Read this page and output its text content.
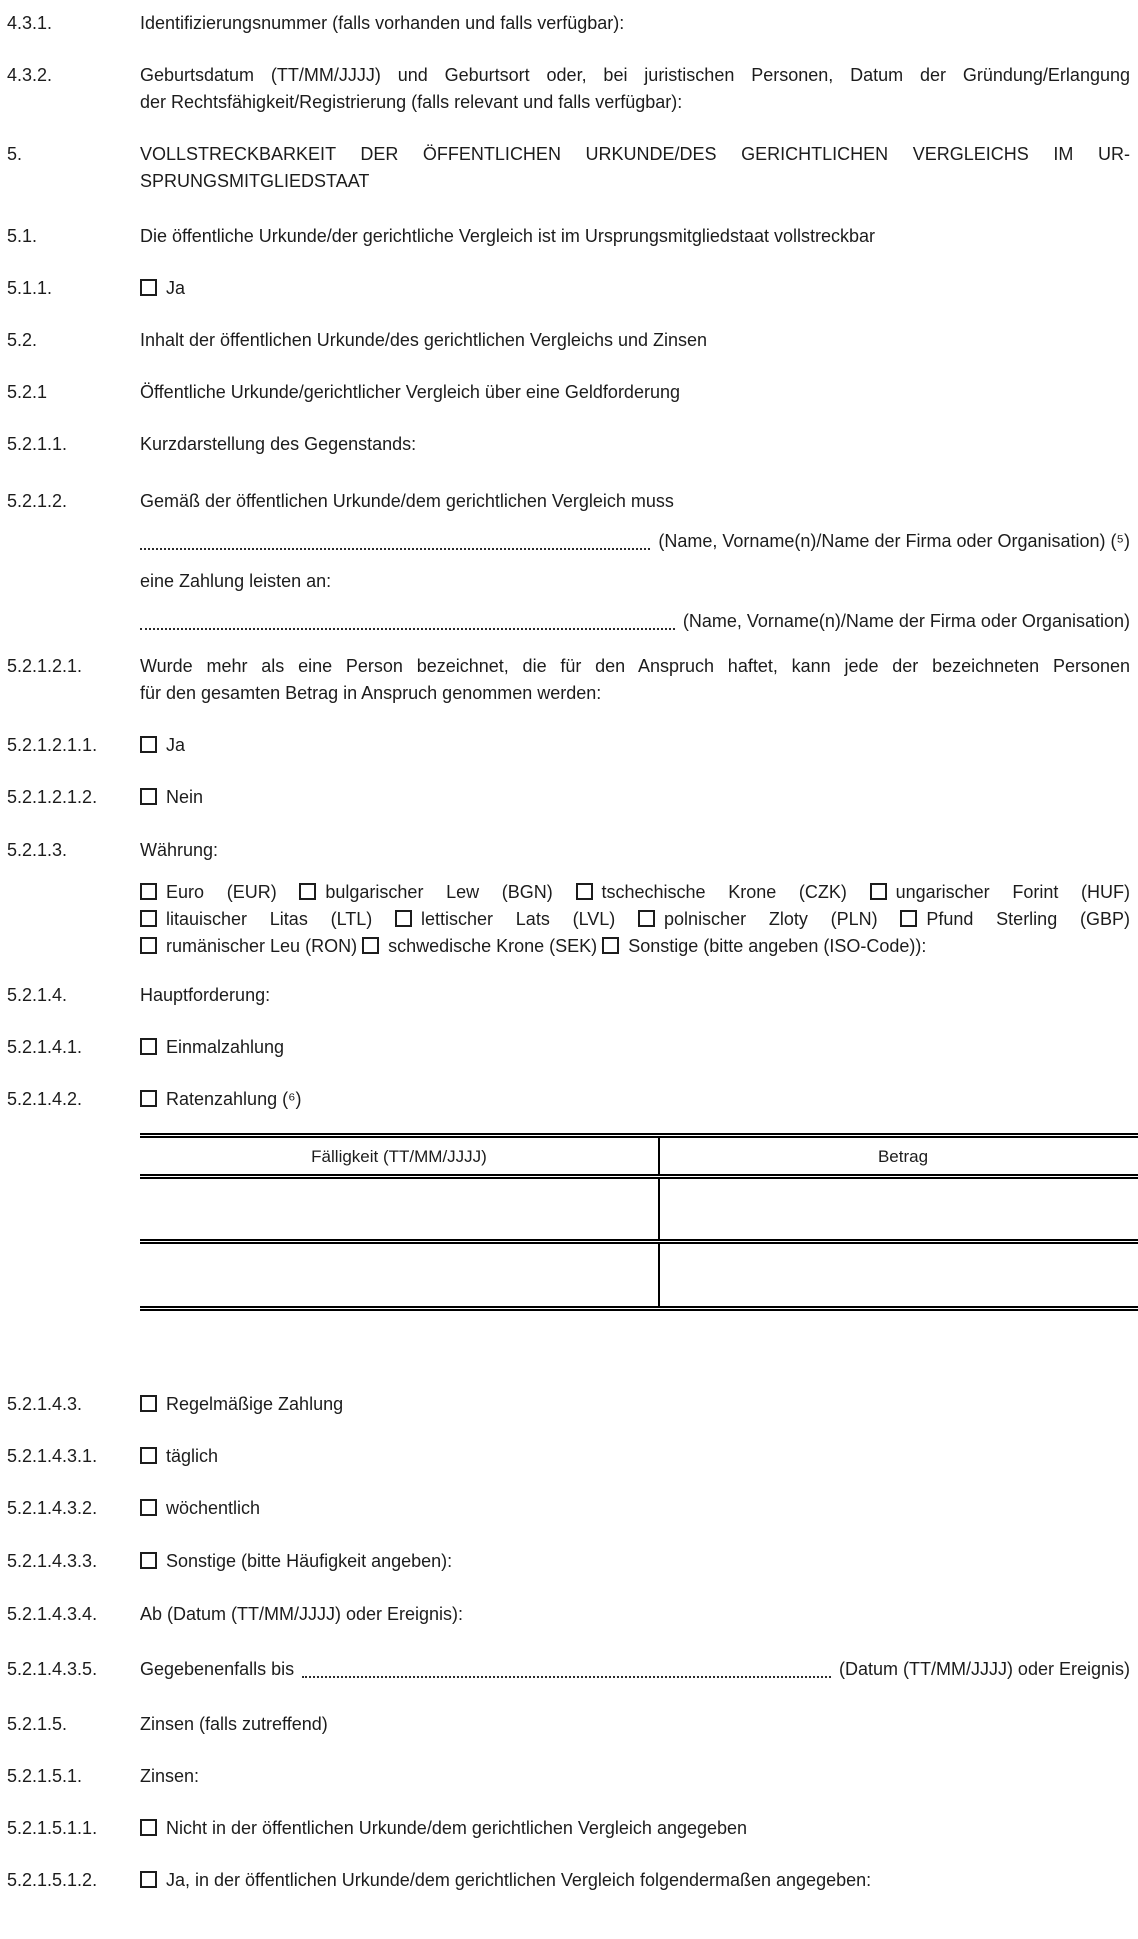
4.3.1.	Identifizierungsnummer (falls vorhanden und falls verfügbar):
4.3.2.	Geburtsdatum (TT/MM/JJJJ) und Geburtsort oder, bei juristischen Personen, Datum der Gründung/Erlangung
der Rechtsfähigkeit/Registrierung (falls relevant und falls verfügbar):
5.	VOLLSTRECKBARKEIT DER ÖFFENTLICHEN URKUNDE/DES GERICHTLICHEN VERGLEICHS IM UR-
SPRUNGSMITGLIEDSTAAT
5.1.	Die öffentliche Urkunde/der gerichtliche Vergleich ist im Ursprungsmitgliedstaat vollstreckbar
5.1.1.	Ja
5.2.	Inhalt der öffentlichen Urkunde/des gerichtlichen Vergleichs und Zinsen
5.2.1	Öffentliche Urkunde/gerichtlicher Vergleich über eine Geldforderung
5.2.1.1.	Kurzdarstellung des Gegenstands:
5.2.1.2.	Gemäß der öffentlichen Urkunde/dem gerichtlichen Vergleich muss
(Name, Vorname(n)/Name der Firma oder Organisation) (⁵)
eine Zahlung leisten an:
(Name, Vorname(n)/Name der Firma oder Organisation)
5.2.1.2.1.	Wurde mehr als eine Person bezeichnet, die für den Anspruch haftet, kann jede der bezeichneten Personen
für den gesamten Betrag in Anspruch genommen werden:
5.2.1.2.1.1.	Ja
5.2.1.2.1.2.	Nein
5.2.1.3.	Währung:
Euro (EUR)	bulgarischer Lew (BGN)	tschechische Krone (CZK)	ungarischer Forint (HUF)
litauischer Litas (LTL)	lettischer Lats (LVL)	polnischer Zloty (PLN)	Pfund Sterling (GBP)
rumänischer Leu (RON) schwedische Krone (SEK) Sonstige (bitte angeben (ISO-Code)):
5.2.1.4.	Hauptforderung:
5.2.1.4.1.	Einmalzahlung
5.2.1.4.2.	Ratenzahlung (⁶)
Fälligkeit (TT/MM/JJJJ)	Betrag

5.2.1.4.3.	Regelmäßige Zahlung
5.2.1.4.3.1.	täglich
5.2.1.4.3.2.	wöchentlich
5.2.1.4.3.3.	Sonstige (bitte Häufigkeit angeben):
5.2.1.4.3.4.	Ab (Datum (TT/MM/JJJJ) oder Ereignis):
5.2.1.4.3.5.	Gegebenenfalls bis	(Datum (TT/MM/JJJJ) oder Ereignis)
5.2.1.5.	Zinsen (falls zutreffend)
5.2.1.5.1.	Zinsen:
5.2.1.5.1.1.	Nicht in der öffentlichen Urkunde/dem gerichtlichen Vergleich angegeben
5.2.1.5.1.2.	Ja, in der öffentlichen Urkunde/dem gerichtlichen Vergleich folgendermaßen angegeben:
